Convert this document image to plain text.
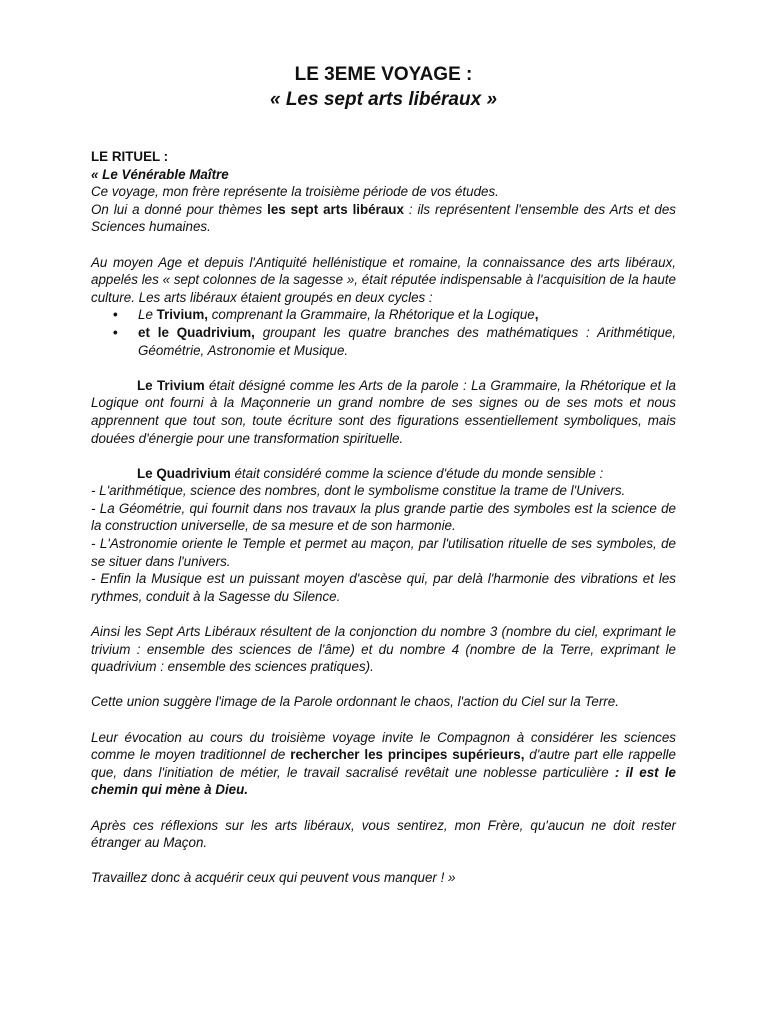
LE 3EME VOYAGE :
« Les sept arts libéraux »

LE RITUEL :

« Le Vénérable Maître

Ce voyage, mon frère représente la troisième période de vos études.

On lui a donné pour thèmes les sept arts libéraux : ils représentent l'ensemble des Arts et des Sciences humaines.

Au moyen Age et depuis l'Antiquité hellénistique et romaine, la connaissance des arts libéraux, appelés les « sept colonnes de la sagesse », était réputée indispensable à l'acquisition de la haute culture. Les arts libéraux étaient groupés en deux cycles :

• Le Trivium, comprenant la Grammaire, la Rhétorique et la Logique,
• et le Quadrivium, groupant les quatre branches des mathématiques : Arithmétique, Géométrie, Astronomie et Musique.

Le Trivium était désigné comme les Arts de la parole : La Grammaire, la Rhétorique et la Logique ont fourni à la Maçonnerie un grand nombre de ses signes ou de ses mots et nous apprennent que tout son, toute écriture sont des figurations essentiellement symboliques, mais douées d'énergie pour une transformation spirituelle.

Le Quadrivium était considéré comme la science d'étude du monde sensible :

- L'arithmétique, science des nombres, dont le symbolisme constitue la trame de l'Univers.

- La Géométrie, qui fournit dans nos travaux la plus grande partie des symboles est la science de la construction universelle, de sa mesure et de son harmonie.

- L'Astronomie oriente le Temple et permet au maçon, par l'utilisation rituelle de ses symboles, de se situer dans l'univers.

- Enfin la Musique est un puissant moyen d'ascèse qui, par delà l'harmonie des vibrations et les rythmes, conduit à la Sagesse du Silence.

Ainsi les Sept Arts Libéraux résultent de la conjonction du nombre 3 (nombre du ciel, exprimant le trivium : ensemble des sciences de l'âme) et du nombre 4 (nombre de la Terre, exprimant le quadrivium : ensemble des sciences pratiques).

Cette union suggère l'image de la Parole ordonnant le chaos, l'action du Ciel sur la Terre.

Leur évocation au cours du troisième voyage invite le Compagnon à considérer les sciences comme le moyen traditionnel de rechercher les principes supérieurs, d'autre part elle rappelle que, dans l'initiation de métier, le travail sacralisé revêtait une noblesse particulière : il est le chemin qui mène à Dieu.

Après ces réflexions sur les arts libéraux, vous sentirez, mon Frère, qu'aucun ne doit rester étranger au Maçon.

Travaillez donc à acquérir ceux qui peuvent vous manquer ! »
